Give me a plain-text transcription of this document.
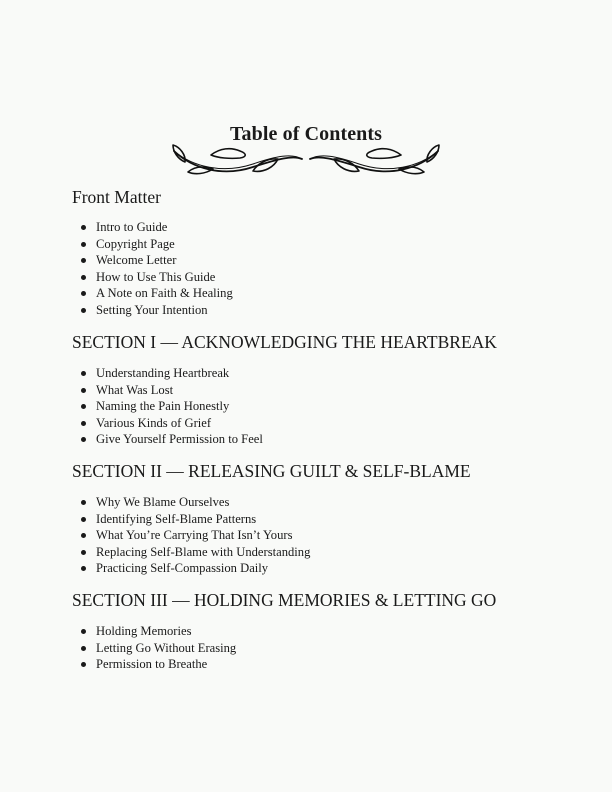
Table of Contents
Front Matter
Intro to Guide
Copyright Page
Welcome Letter
How to Use This Guide
A Note on Faith & Healing
Setting Your Intention
SECTION I — ACKNOWLEDGING THE HEARTBREAK
Understanding Heartbreak
What Was Lost
Naming the Pain Honestly
Various Kinds of Grief
Give Yourself Permission to Feel
SECTION II — RELEASING GUILT & SELF-BLAME
Why We Blame Ourselves
Identifying Self-Blame Patterns
What You’re Carrying That Isn’t Yours
Replacing Self-Blame with Understanding
Practicing Self-Compassion Daily
SECTION III — HOLDING MEMORIES & LETTING GO
Holding Memories
Letting Go Without Erasing
Permission to Breathe
